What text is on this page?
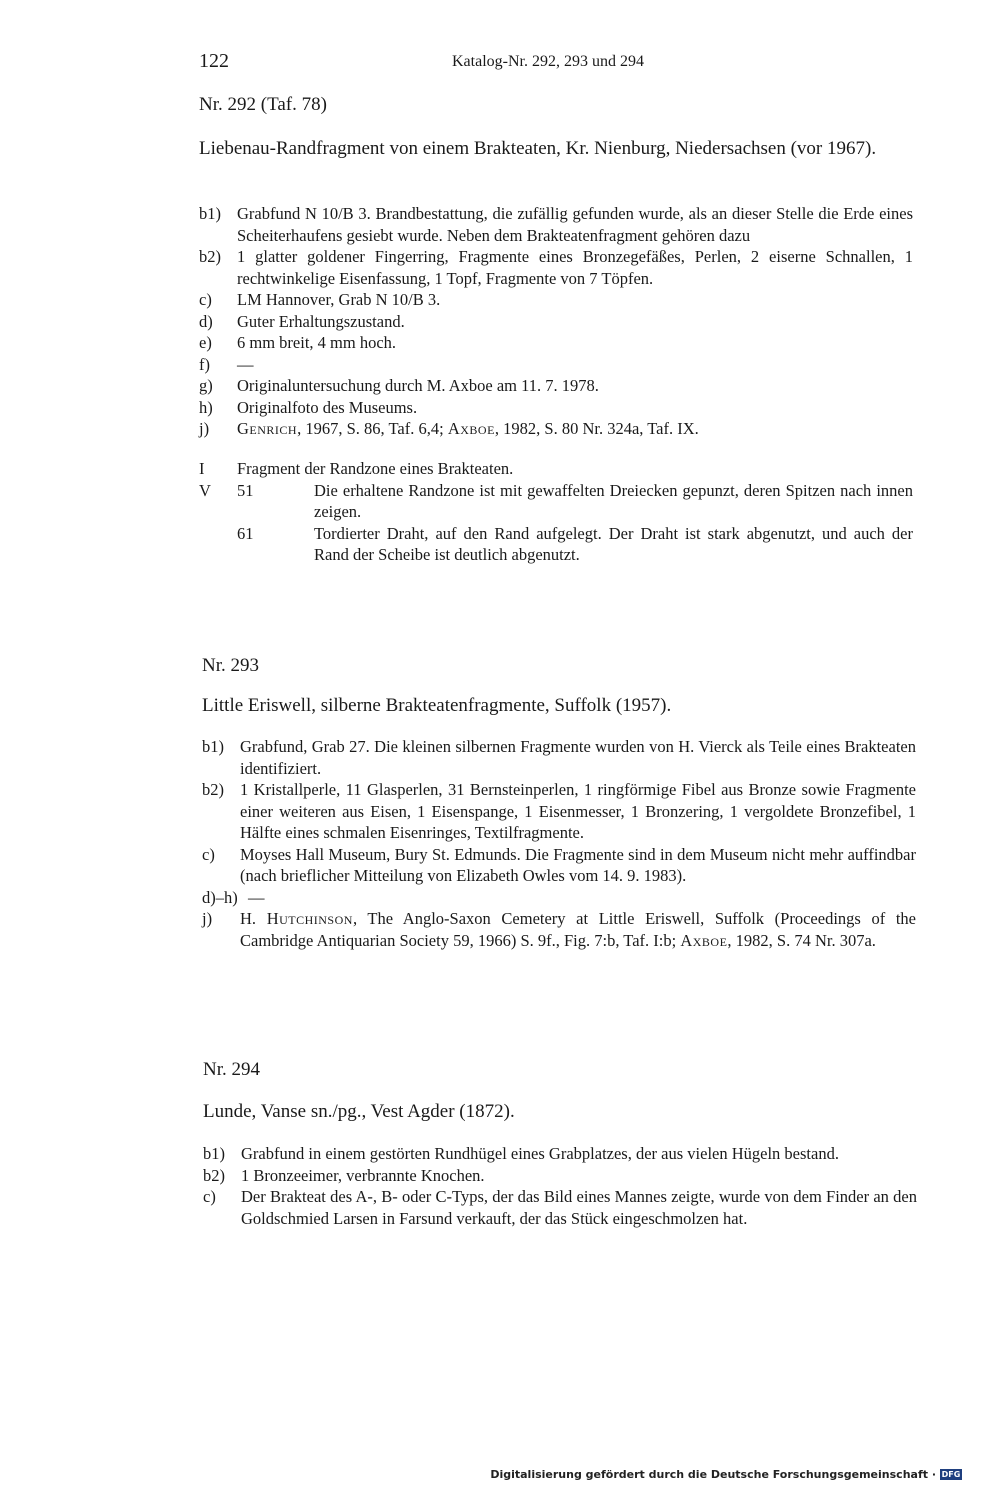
122	Katalog-Nr. 292, 293 und 294
Nr. 292 (Taf. 78)
Liebenau-Randfragment von einem Brakteaten, Kr. Nienburg, Niedersachsen (vor 1967).
b1) Grabfund N 10/B 3. Brandbestattung, die zufällig gefunden wurde, als an dieser Stelle die Erde eines Scheiterhaufens gesiebt wurde. Neben dem Brakteatenfragment gehören dazu
b2) 1 glatter goldener Fingerring, Fragmente eines Bronzegefäßes, Perlen, 2 eiserne Schnallen, 1 rechtwinkelige Eisenfassung, 1 Topf, Fragmente von 7 Töpfen.
c)	LM Hannover, Grab N 10/B 3.
d)	Guter Erhaltungszustand.
e)	6 mm breit, 4 mm hoch.
f)	—
g)	Originaluntersuchung durch M. Axboe am 11. 7. 1978.
h)	Originalfoto des Museums.
j)	Genrich, 1967, S. 86, Taf. 6,4; Axboe, 1982, S. 80 Nr. 324a, Taf. IX.
I	Fragment der Randzone eines Brakteaten.
V	51	Die erhaltene Randzone ist mit gewaffelten Dreiecken gepunzt, deren Spitzen nach innen zeigen.
61	Tordierter Draht, auf den Rand aufgelegt. Der Draht ist stark abgenutzt, und auch der Rand der Scheibe ist deutlich abgenutzt.
Nr. 293
Little Eriswell, silberne Brakteatenfragmente, Suffolk (1957).
b1) Grabfund, Grab 27. Die kleinen silbernen Fragmente wurden von H. Vierck als Teile eines Brakteaten identifiziert.
b2) 1 Kristallperle, 11 Glasperlen, 31 Bernsteinperlen, 1 ringförmige Fibel aus Bronze sowie Fragmente einer weiteren aus Eisen, 1 Eisenspange, 1 Eisenmesser, 1 Bronzering, 1 vergoldete Bronzefibel, 1 Hälfte eines schmalen Eisenringes, Textilfragmente.
c)	Moyses Hall Museum, Bury St. Edmunds. Die Fragmente sind in dem Museum nicht mehr auffindbar (nach brieflicher Mitteilung von Elizabeth Owles vom 14. 9. 1983).
d)–h) —
j)	H. Hutchinson, The Anglo-Saxon Cemetery at Little Eriswell, Suffolk (Proceedings of the Cambridge Antiquarian Society 59, 1966) S. 9f., Fig. 7:b, Taf. I:b; Axboe, 1982, S. 74 Nr. 307a.
Nr. 294
Lunde, Vanse sn./pg., Vest Agder (1872).
b1) Grabfund in einem gestörten Rundhügel eines Grabplatzes, der aus vielen Hügeln bestand.
b2) 1 Bronzeeimer, verbrannte Knochen.
c)	Der Brakteat des A-, B- oder C-Typs, der das Bild eines Mannes zeigte, wurde von dem Finder an den Goldschmied Larsen in Farsund verkauft, der das Stück eingeschmolzen hat.
Digitalisierung gefördert durch die Deutsche Forschungsgemeinschaft · DFG
